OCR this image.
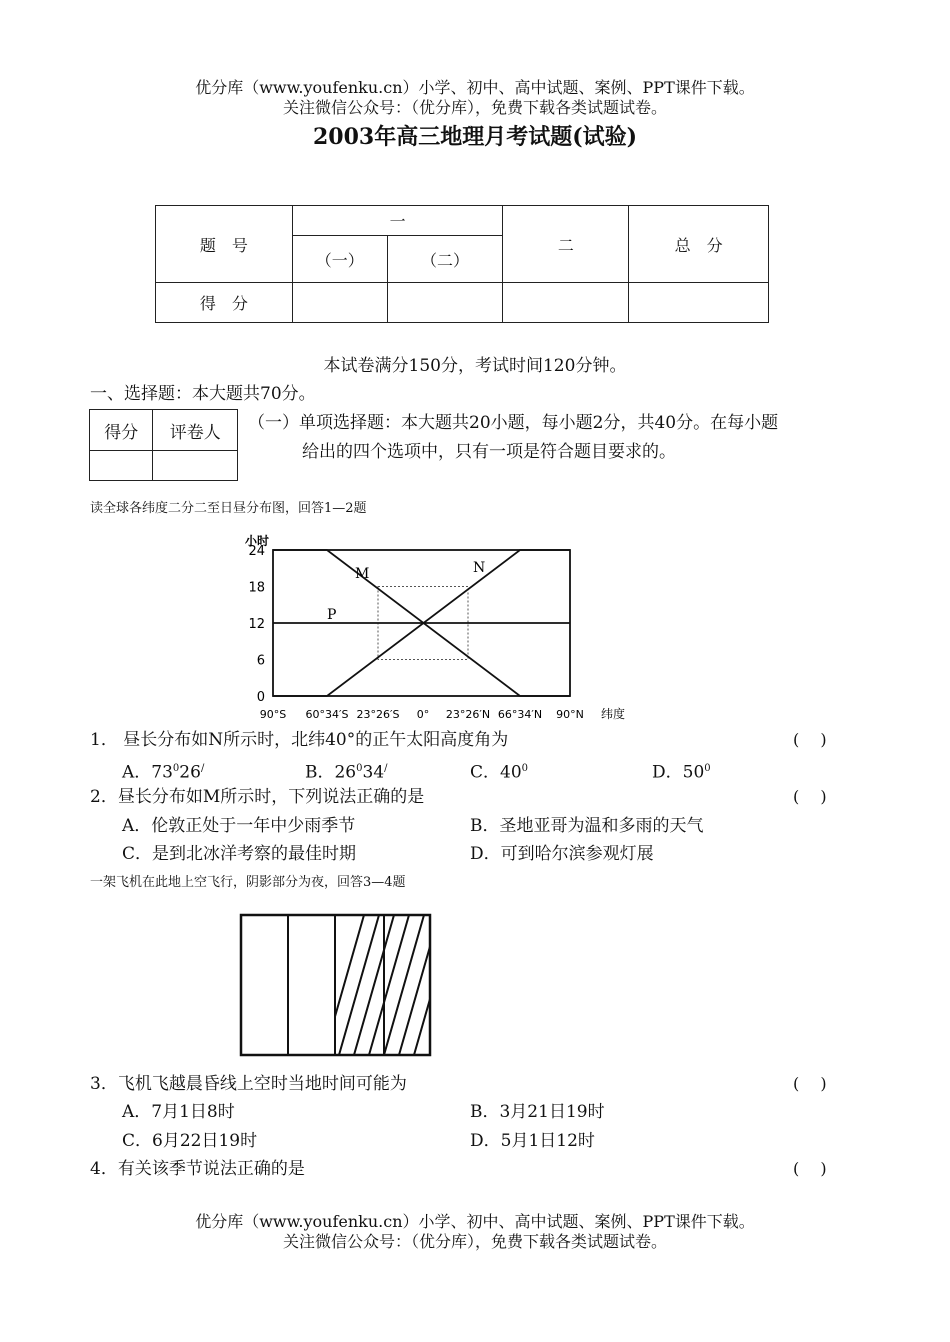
优分库（www.youfenku.cn）小学、初中、高中试题、案例、PPT课件下载。
关注微信公众号：（优分库），免费下载各类试题试卷。
2003年高三地理月考试题(试验)
题　号	一		二	总　分
	（一）	（二）		
得　分				
本试卷满分150分，考试时间120分钟。
一、选择题：本大题共70分。
得分	评卷人
	（一）单项选择题：本大题共20小题，每小题2分，共40分。在每小题
给出的四个选项中，只有一项是符合题目要求的。
读全球各纬度二分二至日昼分布图，回答1—2题
M	N
P
24
18
12
6
0
小时
90°S 60°34′S 23°26′S 0° 23°26′N 66°34′N 90°N 纬度
1． 昼长分布如N所示时，北纬40°的正午太阳高度角为	(　 )
A．$73^026^/$	B．$26^034^/$	C．$40^0$	D．$50^0$
2．昼长分布如M所示时，下列说法正确的是	(　 )
A．伦敦正处于一年中少雨季节	B．圣地亚哥为温和多雨的天气
C．是到北冰洋考察的最佳时期	D．可到哈尔滨参观灯展
一架飞机在此地上空飞行，阴影部分为夜，回答3—4题
3．飞机飞越晨昏线上空时当地时间可能为	(　 )
A．7月1日8时	B．3月21日19时
C．6月22日19时	D．5月1日12时
4．有关该季节说法正确的是	(　 )
优分库（www.youfenku.cn）小学、初中、高中试题、案例、PPT课件下载。
关注微信公众号：（优分库），免费下载各类试题试卷。
